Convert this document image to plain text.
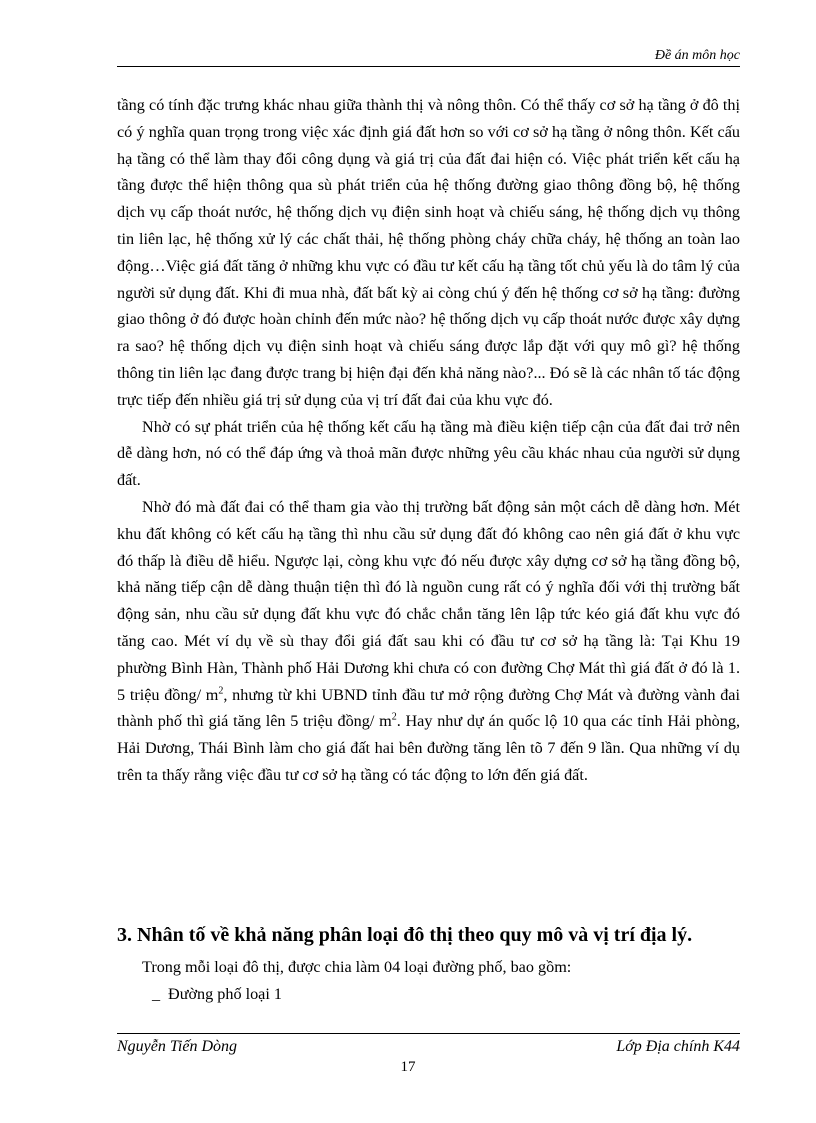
Đề án môn học

tầng có tính đặc trưng khác nhau giữa thành thị và nông thôn. Có thể thấy cơ sở hạ tầng ở đô thị có ý nghĩa quan trọng trong việc xác định giá đất hơn so với cơ sở hạ tầng ở nông thôn. Kết cấu hạ tầng có thể làm thay đổi công dụng và giá trị của đất đai hiện có. Việc phát triển kết cấu hạ tầng được thể hiện thông qua sù phát triển của hệ thống đường giao thông đồng bộ, hệ thống dịch vụ cấp thoát nước, hệ thống dịch vụ điện sinh hoạt và chiếu sáng, hệ thống dịch vụ thông tin liên lạc, hệ thống xử lý các chất thải, hệ thống phòng cháy chữa cháy, hệ thống an toàn lao động…Việc giá đất tăng ở những khu vực có đầu tư kết cấu hạ tầng tốt chủ yếu là do tâm lý của người sử dụng đất. Khi đi mua nhà, đất bất kỳ ai còng chú ý đến hệ thống cơ sở hạ tầng: đường giao thông ở đó được hoàn chỉnh đến mức nào? hệ thống dịch vụ cấp thoát nước được xây dựng ra sao? hệ thống dịch vụ điện sinh hoạt và chiếu sáng được lắp đặt với quy mô gì? hệ thống thông tin liên lạc đang được trang bị hiện đại đến khả năng nào?... Đó sẽ là các nhân tố tác động trực tiếp đến nhiều giá trị sử dụng của vị trí đất đai của khu vực đó.

Nhờ có sự phát triển của hệ thống kết cấu hạ tầng mà điều kiện tiếp cận của đất đai trở nên dễ dàng hơn, nó có thể đáp ứng và thoả mãn được những yêu cầu khác nhau của người sử dụng đất.

Nhờ đó mà đất đai có thể tham gia vào thị trường bất động sản một cách dễ dàng hơn. Mét khu đất không có kết cấu hạ tầng thì nhu cầu sử dụng đất đó không cao nên giá đất ở khu vực đó thấp là điều dễ hiểu. Ngược lại, còng khu vực đó nếu được xây dựng cơ sở hạ tầng đồng bộ, khả năng tiếp cận dễ dàng thuận tiện thì đó là nguồn cung rất có ý nghĩa đối với thị trường bất động sản, nhu cầu sử dụng đất khu vực đó chắc chắn tăng lên lập tức kéo giá đất khu vực đó tăng cao. Mét ví dụ về sù thay đổi giá đất sau khi có đầu tư cơ sở hạ tầng là: Tại Khu 19 phường Bình Hàn, Thành phố Hải Dương khi chưa có con đường Chợ Mát thì giá đất ở đó là 1. 5 triệu đồng/ $m^2$, nhưng từ khi UBND tỉnh đầu tư mở rộng đường Chợ Mát và đường vành đai thành phố thì giá tăng lên 5 triệu đồng/ $m^2$. Hay như dự án quốc lộ 10 qua các tỉnh Hải phòng, Hải Dương, Thái Bình làm cho giá đất hai bên đường tăng lên tõ 7 đến 9 lần. Qua những ví dụ trên ta thấy rằng việc đầu tư cơ sở hạ tầng có tác động to lớn đến giá đất.

3. Nhân tố về khả năng phân loại đô thị theo quy mô và vị trí địa lý.
Trong mỗi loại đô thị, được chia làm 04 loại đường phố, bao gồm:
_ Đường phố loại 1
Nguyễn Tiến Dòng	Lớp Địa chính K44
17
